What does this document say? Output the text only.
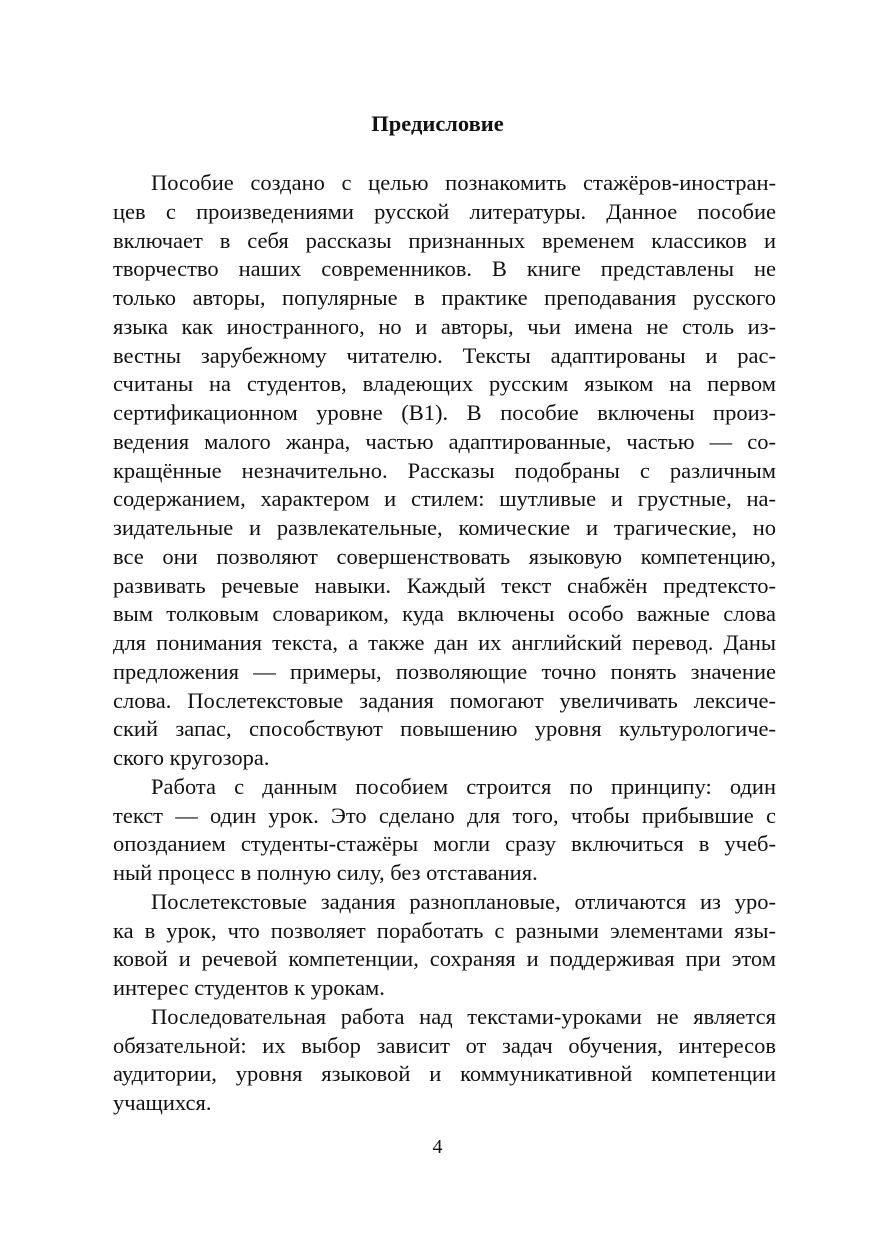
Предисловие

Пособие создано с целью познакомить стажёров-иностран-

цев с произведениями русской литературы. Данное пособие

включает в себя рассказы признанных временем классиков и

творчество наших современников. В книге представлены не

только авторы, популярные в практике преподавания русского

языка как иностранного, но и авторы, чьи имена не столь из-

вестны зарубежному читателю. Тексты адаптированы и рас-

считаны на студентов, владеющих русским языком на первом

сертификационном уровне (В1). В пособие включены произ-

ведения малого жанра, частью адаптированные, частью — со-

кращённые незначительно. Рассказы подобраны с различным

содержанием, характером и стилем: шутливые и грустные, на-

зидательные и развлекательные, комические и трагические, но

все они позволяют совершенствовать языковую компетенцию,

развивать речевые навыки. Каждый текст снабжён предтексто-

вым толковым словариком, куда включены особо важные слова

для понимания текста, а также дан их английский перевод. Даны

предложения — примеры, позволяющие точно понять значение

слова. Послетекстовые задания помогают увеличивать лексиче-

ский запас, способствуют повышению уровня культурологиче-

ского кругозора.

Работа с данным пособием строится по принципу: один

текст — один урок. Это сделано для того, чтобы прибывшие с

опозданием студенты-стажёры могли сразу включиться в учеб-

ный процесс в полную силу, без отставания.

Послетекстовые задания разноплановые, отличаются из уро-

ка в урок, что позволяет поработать с разными элементами язы-

ковой и речевой компетенции, сохраняя и поддерживая при этом

интерес студентов к урокам.

Последовательная работа над текстами-уроками не является

обязательной: их выбор зависит от задач обучения, интересов

аудитории, уровня языковой и коммуникативной компетенции

учащихся.

4
